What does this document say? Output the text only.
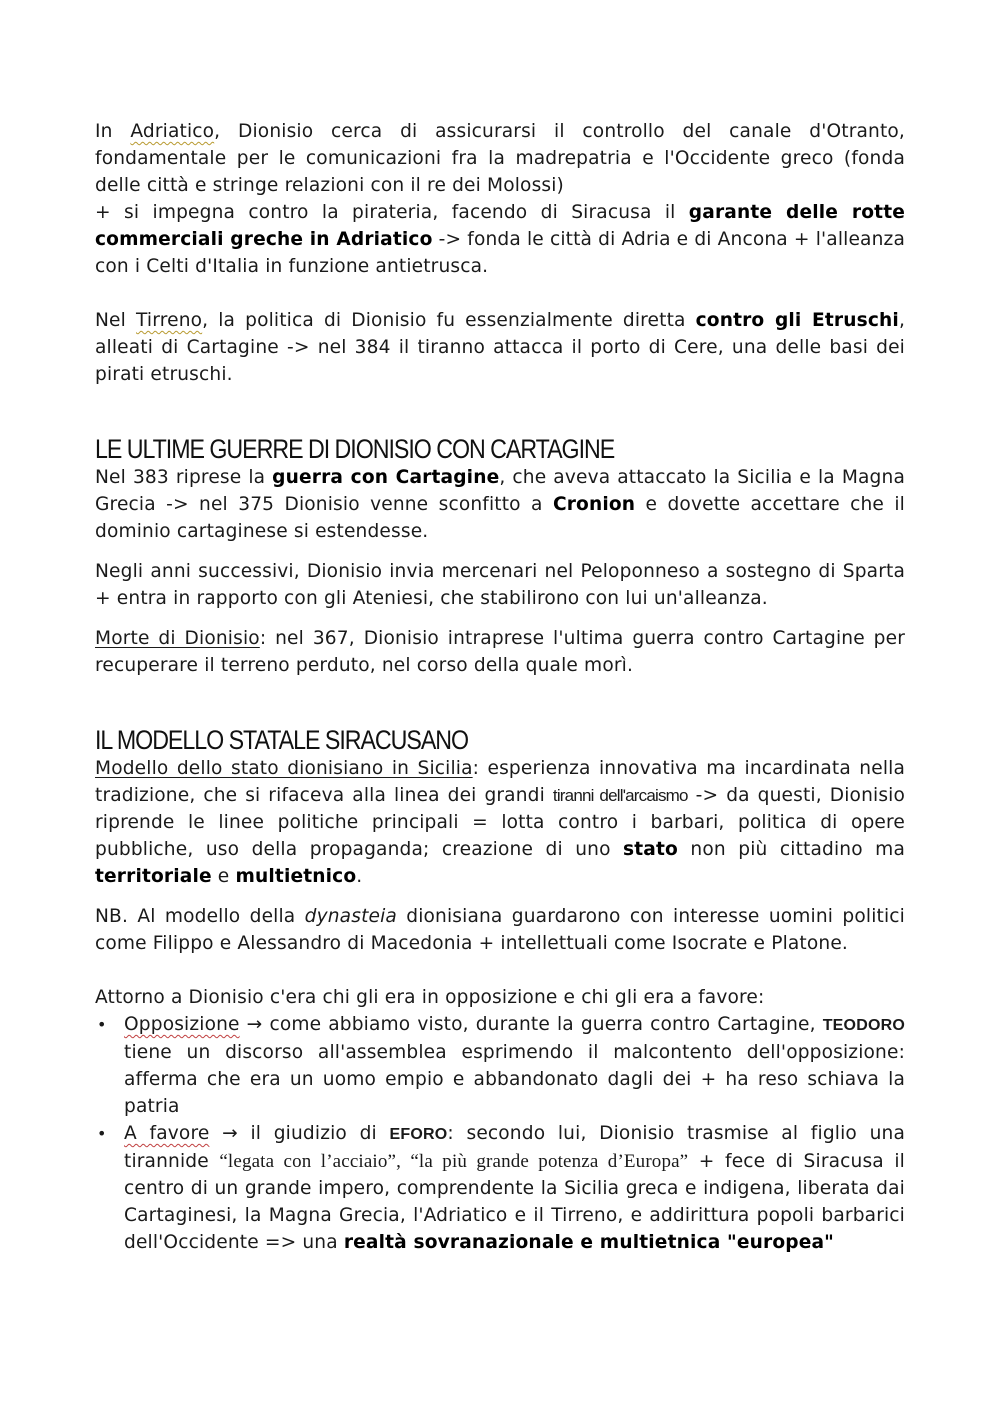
In Adriatico, Dionisio cerca di assicurarsi il controllo del canale d'Otranto, fondamentale per le comunicazioni fra la madrepatria e l'Occidente greco (fonda delle città e stringe relazioni con il re dei Molossi)

+ si impegna contro la pirateria, facendo di Siracusa il garante delle rotte commerciali greche in Adriatico -> fonda le città di Adria e di Ancona + l'alleanza con i Celti d'Italia in funzione antietrusca.

Nel Tirreno, la politica di Dionisio fu essenzialmente diretta contro gli Etruschi, alleati di Cartagine -> nel 384 il tiranno attacca il porto di Cere, una delle basi dei pirati etruschi.

LE ULTIME GUERRE DI DIONISIO CON CARTAGINE

Nel 383 riprese la guerra con Cartagine, che aveva attaccato la Sicilia e la Magna Grecia -> nel 375 Dionisio venne sconfitto a Cronion e dovette accettare che il dominio cartaginese si estendesse.

Negli anni successivi, Dionisio invia mercenari nel Peloponneso a sostegno di Sparta + entra in rapporto con gli Ateniesi, che stabilirono con lui un'alleanza.

Morte di Dionisio: nel 367, Dionisio intraprese l'ultima guerra contro Cartagine per recuperare il terreno perduto, nel corso della quale morì.

IL MODELLO STATALE SIRACUSANO

Modello dello stato dionisiano in Sicilia: esperienza innovativa ma incardinata nella tradizione, che si rifaceva alla linea dei grandi tiranni dell'arcaismo -> da questi, Dionisio riprende le linee politiche principali = lotta contro i barbari, politica di opere pubbliche, uso della propaganda; creazione di uno stato non più cittadino ma territoriale e multietnico.

NB. Al modello della dynasteia dionisiana guardarono con interesse uomini politici come Filippo e Alessandro di Macedonia + intellettuali come Isocrate e Platone.

Attorno a Dionisio c'era chi gli era in opposizione e chi gli era a favore:

• Opposizione → come abbiamo visto, durante la guerra contro Cartagine, TEODORO tiene un discorso all'assemblea esprimendo il malcontento dell'opposizione: afferma che era un uomo empio e abbandonato dagli dei + ha reso schiava la patria
• A favore → il giudizio di EFORO: secondo lui, Dionisio trasmise al figlio una tirannide “legata con l’acciaio”, “la più grande potenza d’Europa” + fece di Siracusa il centro di un grande impero, comprendente la Sicilia greca e indigena, liberata dai Cartaginesi, la Magna Grecia, l'Adriatico e il Tirreno, e addirittura popoli barbarici dell'Occidente => una realtà sovranazionale e multietnica "europea"
